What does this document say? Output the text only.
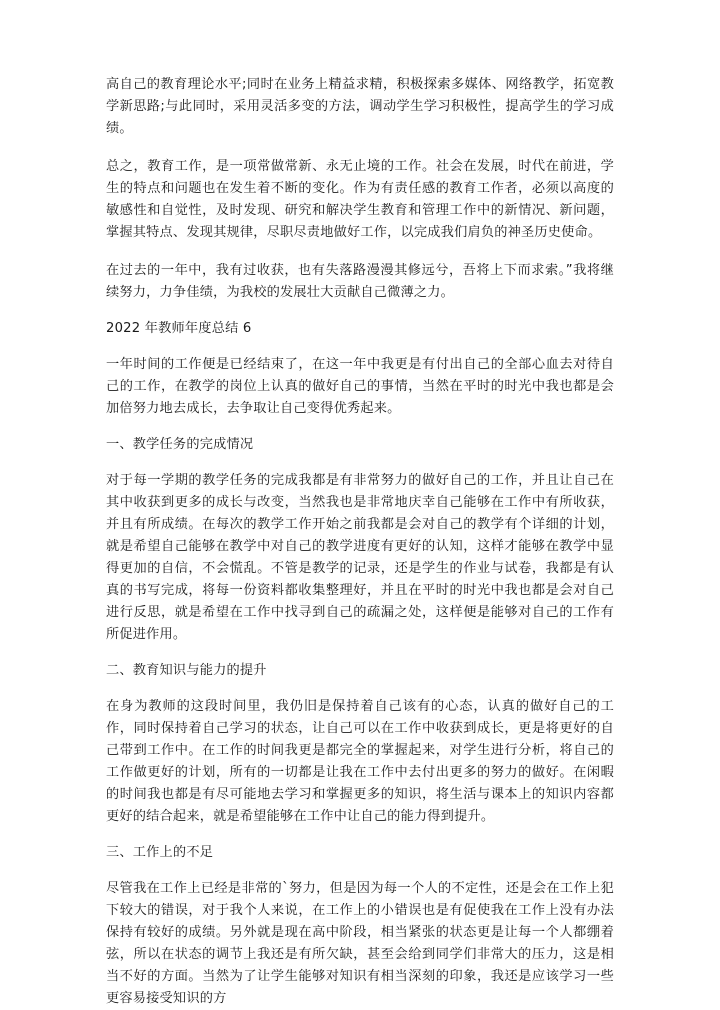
高自己的教育理论水平;同时在业务上精益求精，积极探索多媒体、网络教学，拓宽教学新思路;与此同时，采用灵活多变的方法，调动学生学习积极性，提高学生的学习成绩。

总之，教育工作，是一项常做常新、永无止境的工作。社会在发展，时代在前进，学生的特点和问题也在发生着不断的变化。作为有责任感的教育工作者，必须以高度的敏感性和自觉性，及时发现、研究和解决学生教育和管理工作中的新情况、新问题，掌握其特点、发现其规律，尽职尽责地做好工作，以完成我们肩负的神圣历史使命。

在过去的一年中，我有过收获，也有失落路漫漫其修远兮，吾将上下而求索。”我将继续努力，力争佳绩，为我校的发展壮大贡献自己微薄之力。

2022 年教师年度总结 6

一年时间的工作便是已经结束了，在这一年中我更是有付出自己的全部心血去对待自己的工作，在教学的岗位上认真的做好自己的事情，当然在平时的时光中我也都是会加倍努力地去成长，去争取让自己变得优秀起来。

一、教学任务的完成情况

对于每一学期的教学任务的完成我都是有非常努力的做好自己的工作，并且让自己在其中收获到更多的成长与改变，当然我也是非常地庆幸自己能够在工作中有所收获，并且有所成绩。在每次的教学工作开始之前我都是会对自己的教学有个详细的计划，就是希望自己能够在教学中对自己的教学进度有更好的认知，这样才能够在教学中显得更加的自信，不会慌乱。不管是教学的记录，还是学生的作业与试卷，我都是有认真的书写完成，将每一份资料都收集整理好，并且在平时的时光中我也都是会对自己进行反思，就是希望在工作中找寻到自己的疏漏之处，这样便是能够对自己的工作有所促进作用。

二、教育知识与能力的提升

在身为教师的这段时间里，我仍旧是保持着自己该有的心态，认真的做好自己的工作，同时保持着自己学习的状态，让自己可以在工作中收获到成长，更是将更好的自己带到工作中。在工作的时间我更是都完全的掌握起来，对学生进行分析，将自己的工作做更好的计划，所有的一切都是让我在工作中去付出更多的努力的做好。在闲暇的时间我也都是有尽可能地去学习和掌握更多的知识，将生活与课本上的知识内容都更好的结合起来，就是希望能够在工作中让自己的能力得到提升。

三、工作上的不足

尽管我在工作上已经是非常的`努力，但是因为每一个人的不定性，还是会在工作上犯下较大的错误，对于我个人来说，在工作上的小错误也是有促使我在工作上没有办法保持有较好的成绩。另外就是现在高中阶段，相当紧张的状态更是让每一个人都绷着弦，所以在状态的调节上我还是有所欠缺，甚至会给到同学们非常大的压力，这是相当不好的方面。当然为了让学生能够对知识有相当深刻的印象，我还是应该学习一些更容易接受知识的方
